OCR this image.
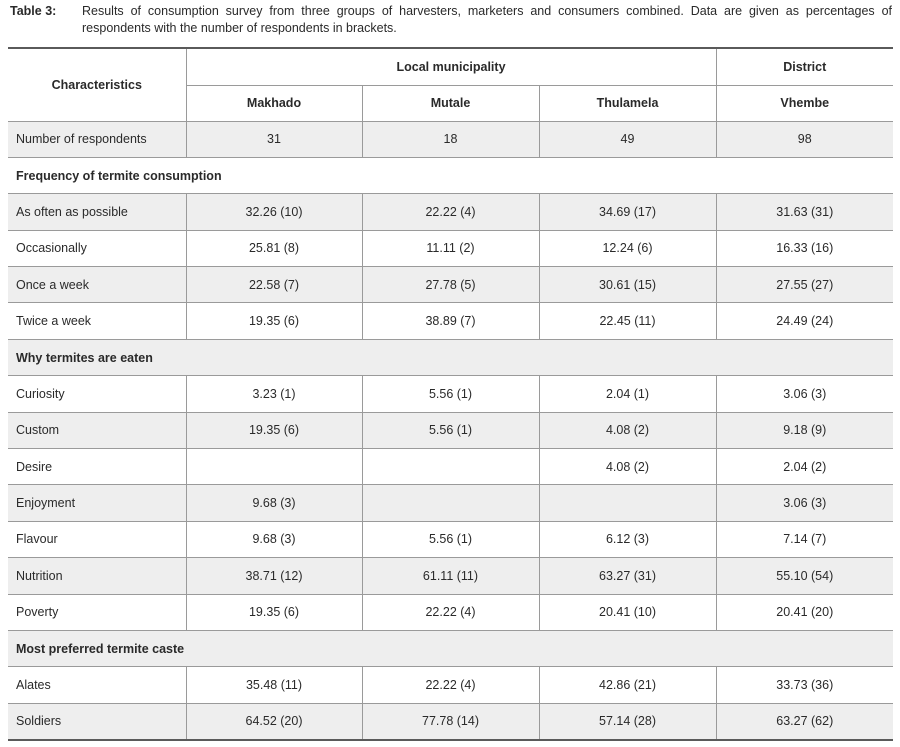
Table 3:	Results of consumption survey from three groups of harvesters, marketers and consumers combined. Data are given as percentages of respondents with the number of respondents in brackets.
Characteristics	Local municipality			District
	Makhado	Mutale	Thulamela	Vhembe
Number of respondents	31	18	49	98
Frequency of termite consumption				
As often as possible	32.26 (10)	22.22 (4)	34.69 (17)	31.63 (31)
Occasionally	25.81 (8)	11.11 (2)	12.24 (6)	16.33 (16)
Once a week	22.58 (7)	27.78 (5)	30.61 (15)	27.55 (27)
Twice a week	19.35 (6)	38.89 (7)	22.45 (11)	24.49 (24)
Why termites are eaten				
Curiosity	3.23 (1)	5.56 (1)	2.04 (1)	3.06 (3)
Custom	19.35 (6)	5.56 (1)	4.08 (2)	9.18 (9)
Desire			4.08 (2)	2.04 (2)
Enjoyment	9.68 (3)			3.06 (3)
Flavour	9.68 (3)	5.56 (1)	6.12 (3)	7.14 (7)
Nutrition	38.71 (12)	61.11 (11)	63.27 (31)	55.10 (54)
Poverty	19.35 (6)	22.22 (4)	20.41 (10)	20.41 (20)
Most preferred termite caste				
Alates	35.48 (11)	22.22 (4)	42.86 (21)	33.73 (36)
Soldiers	64.52 (20)	77.78 (14)	57.14 (28)	63.27 (62)
